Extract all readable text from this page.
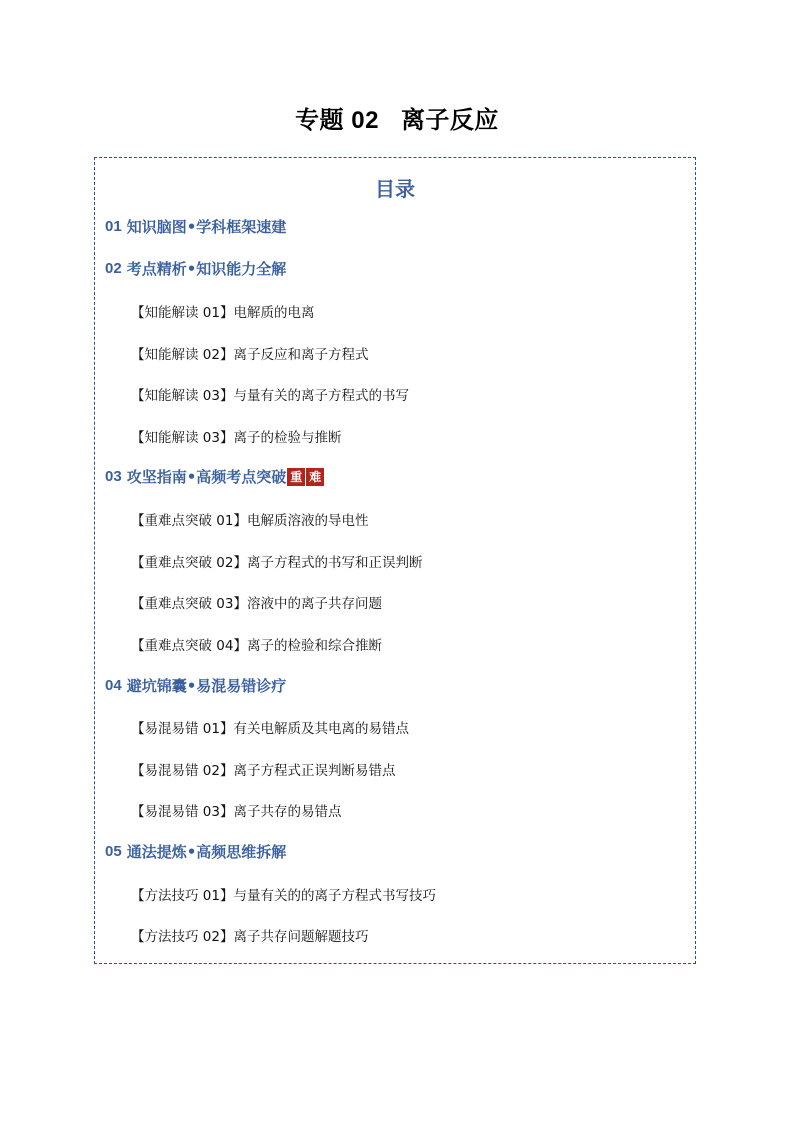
专题 02 离子反应
目录
01 知识脑图•学科框架速建
02 考点精析•知识能力全解
【知能解读 01】电解质的电离
【知能解读 02】离子反应和离子方程式
【知能解读 03】与量有关的离子方程式的书写
【知能解读 03】离子的检验与推断
03 攻坚指南•高频考点突破 重 难
【重难点突破 01】电解质溶液的导电性
【重难点突破 02】离子方程式的书写和正误判断
【重难点突破 03】溶液中的离子共存问题
【重难点突破 04】离子的检验和综合推断
04 避坑锦囊•易混易错诊疗
【易混易错 01】有关电解质及其电离的易错点
【易混易错 02】离子方程式正误判断易错点
【易混易错 03】离子共存的易错点
05 通法提炼•高频思维拆解
【方法技巧 01】与量有关的的离子方程式书写技巧
【方法技巧 02】离子共存问题解题技巧
